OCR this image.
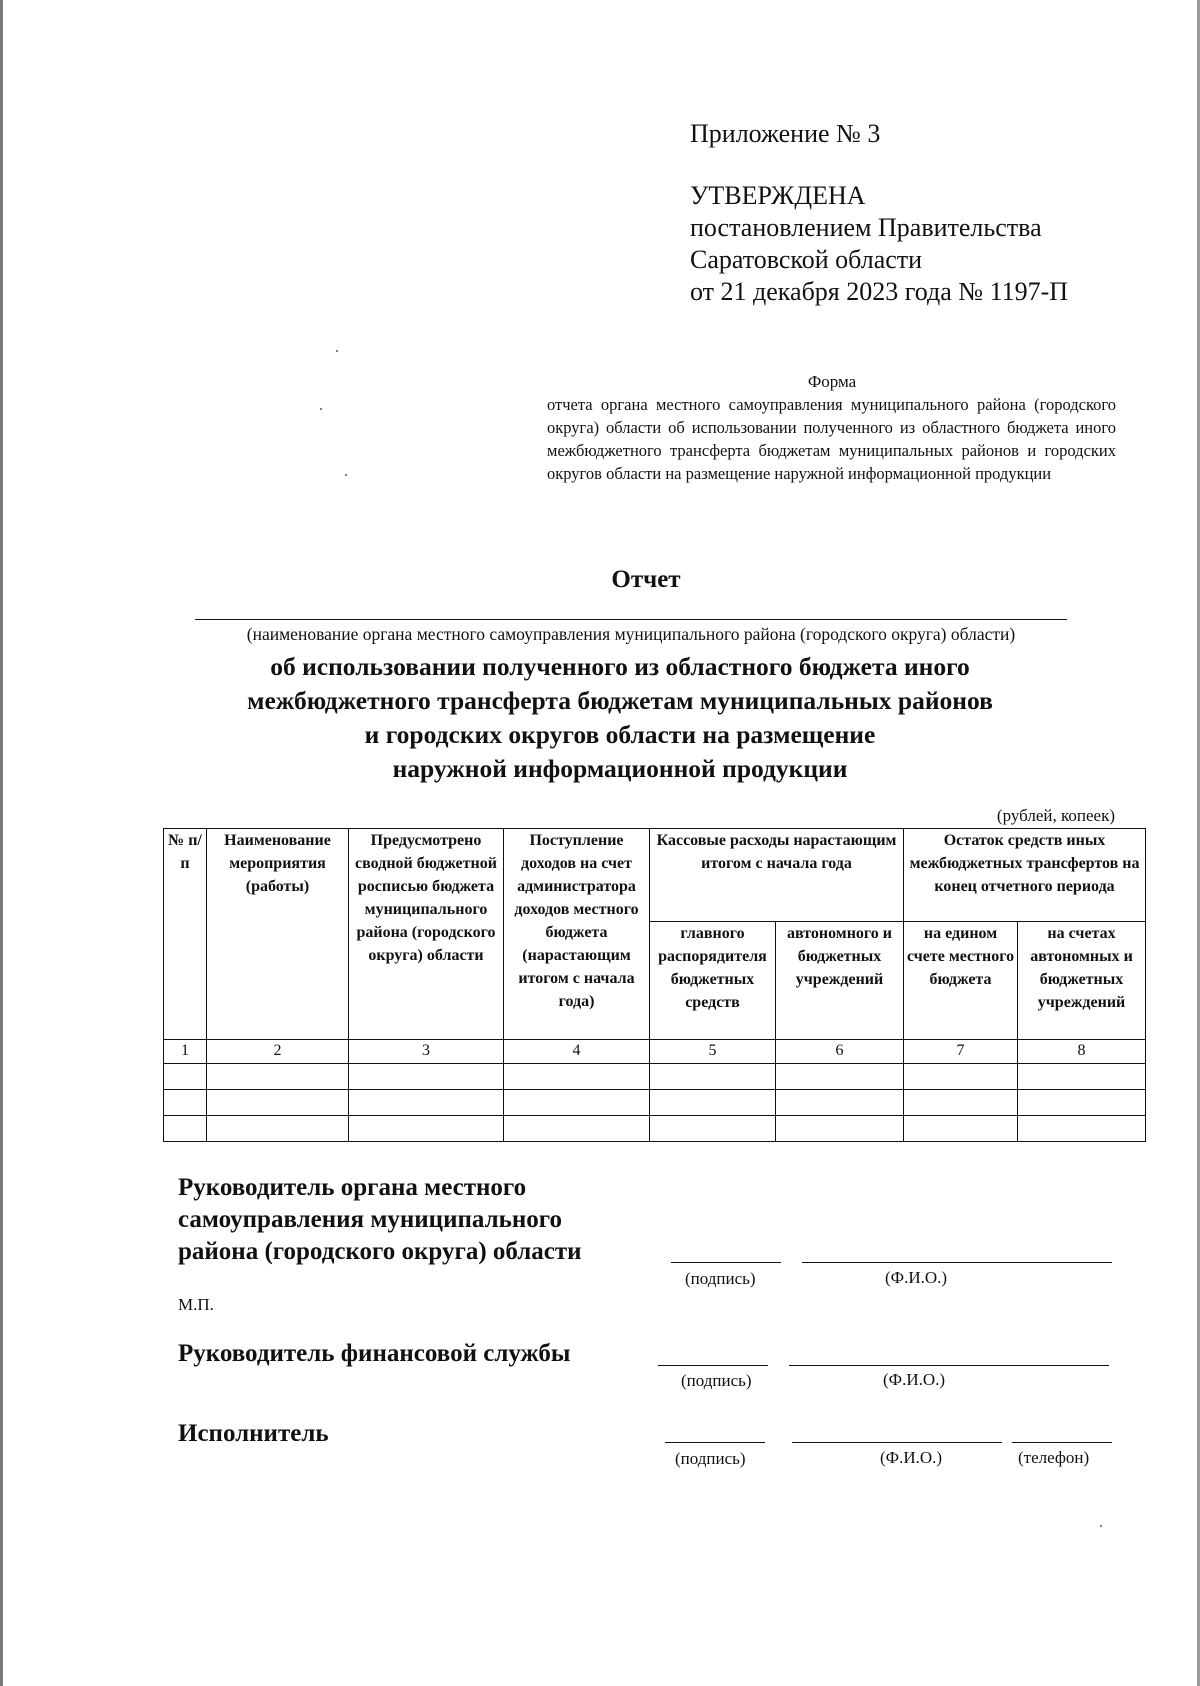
Приложение № 3
УТВЕРЖДЕНА
постановлением Правительства
Саратовской области
от 21 декабря 2023 года № 1197-П
Форма
отчета органа местного самоуправления муниципального района (городского округа) области об использовании полученного из областного бюджета иного межбюджетного трансферта бюджетам муниципальных районов и городских округов области на размещение наружной информационной продукции
Отчет
(наименование органа местного самоуправления муниципального района (городского округа) области)
об использовании полученного из областного бюджета иного
межбюджетного трансферта бюджетам муниципальных районов
и городских округов области на размещение
наружной информационной продукции
(рублей, копеек)
№ п/п	Наименование мероприятия (работы)	Предусмотрено сводной бюджетной росписью бюджета муниципального района (городского округа) области	Поступление доходов на счет администратора доходов местного бюджета (нарастающим итогом с начала года)	Кассовые расходы нарастающим итогом с начала года		Остаток средств иных межбюджетных трансфертов на конец отчетного периода	
				главного распорядителя бюджетных средств	автономного и бюджетных учреждений	на едином счете местного бюджета	на счетах автономных и бюджетных учреждений
1	2	3	4	5	6	7	8

Руководитель органа местного
самоуправления муниципального
района (городского округа) области
(подпись)	(Ф.И.О.)
М.П.
Руководитель финансовой службы
(подпись)	(Ф.И.О.)
Исполнитель
(подпись)	(Ф.И.О.)	(телефон)
